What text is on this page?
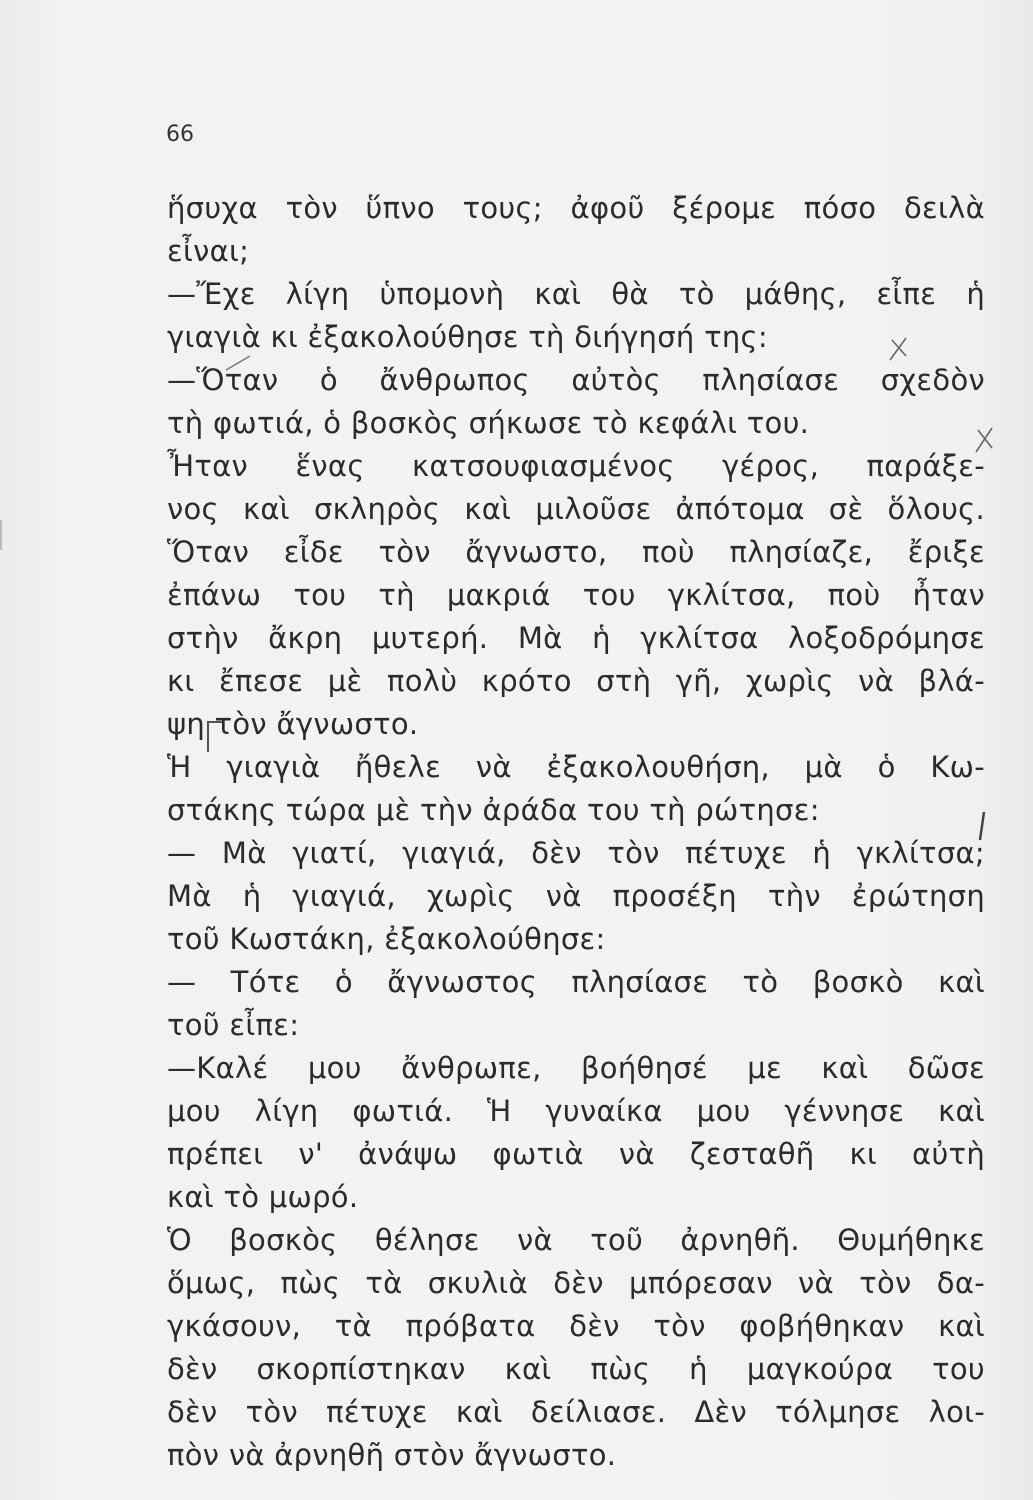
66
ἥσυχα τὸν ὕπνο τους; ἀφοῦ ξέρομε πόσο δειλὰ
εἶναι;
—Ἔχε λίγη ὑπομονὴ καὶ θὰ τὸ μάθης, εἶπε ἡ
γιαγιὰ κι ἐξακολούθησε τὴ διήγησή της:
—Ὅταν ὁ ἄνθρωπος αὐτὸς πλησίασε σχεδὸν
τὴ φωτιά, ὁ βοσκὸς σήκωσε τὸ κεφάλι του.
Ἦταν ἕνας κατσουφιασμένος γέρος, παράξε-
νος καὶ σκληρὸς καὶ μιλοῦσε ἀπότομα σὲ ὅλους.
Ὅταν εἶδε τὸν ἄγνωστο, ποὺ πλησίαζε, ἔριξε
ἐπάνω του τὴ μακριά του γκλίτσα, ποὺ ἦταν
στὴν ἄκρη μυτερή. Μὰ ἡ γκλίτσα λοξοδρόμησε
κι ἔπεσε μὲ πολὺ κρότο στὴ γῆ, χωρὶς νὰ βλά-
ψη τὸν ἄγνωστο.
Ἡ γιαγιὰ ἤθελε νὰ ἐξακολουθήση, μὰ ὁ Κω-
στάκης τώρα μὲ τὴν ἀράδα του τὴ ρώτησε:
— Μὰ γιατί, γιαγιά, δὲν τὸν πέτυχε ἡ γκλίτσα;
Μὰ ἡ γιαγιά, χωρὶς νὰ προσέξη τὴν ἐρώτηση
τοῦ Κωστάκη, ἐξακολούθησε:
— Τότε ὁ ἄγνωστος πλησίασε τὸ βοσκὸ καὶ
τοῦ εἶπε:
—Καλέ μου ἄνθρωπε, βοήθησέ με καὶ δῶσε
μου λίγη φωτιά. Ἡ γυναίκα μου γέννησε καὶ
πρέπει ν' ἀνάψω φωτιὰ νὰ ζεσταθῆ κι αὐτὴ
καὶ τὸ μωρό.
Ὁ βοσκὸς θέλησε νὰ τοῦ ἀρνηθῆ. Θυμήθηκε
ὅμως, πὼς τὰ σκυλιὰ δὲν μπόρεσαν νὰ τὸν δα-
γκάσουν, τὰ πρόβατα δὲν τὸν φοβήθηκαν καὶ
δὲν σκορπίστηκαν καὶ πὼς ἡ μαγκούρα του
δὲν τὸν πέτυχε καὶ δείλιασε. Δὲν τόλμησε λοι-
πὸν νὰ ἀρνηθῆ στὸν ἄγνωστο.
